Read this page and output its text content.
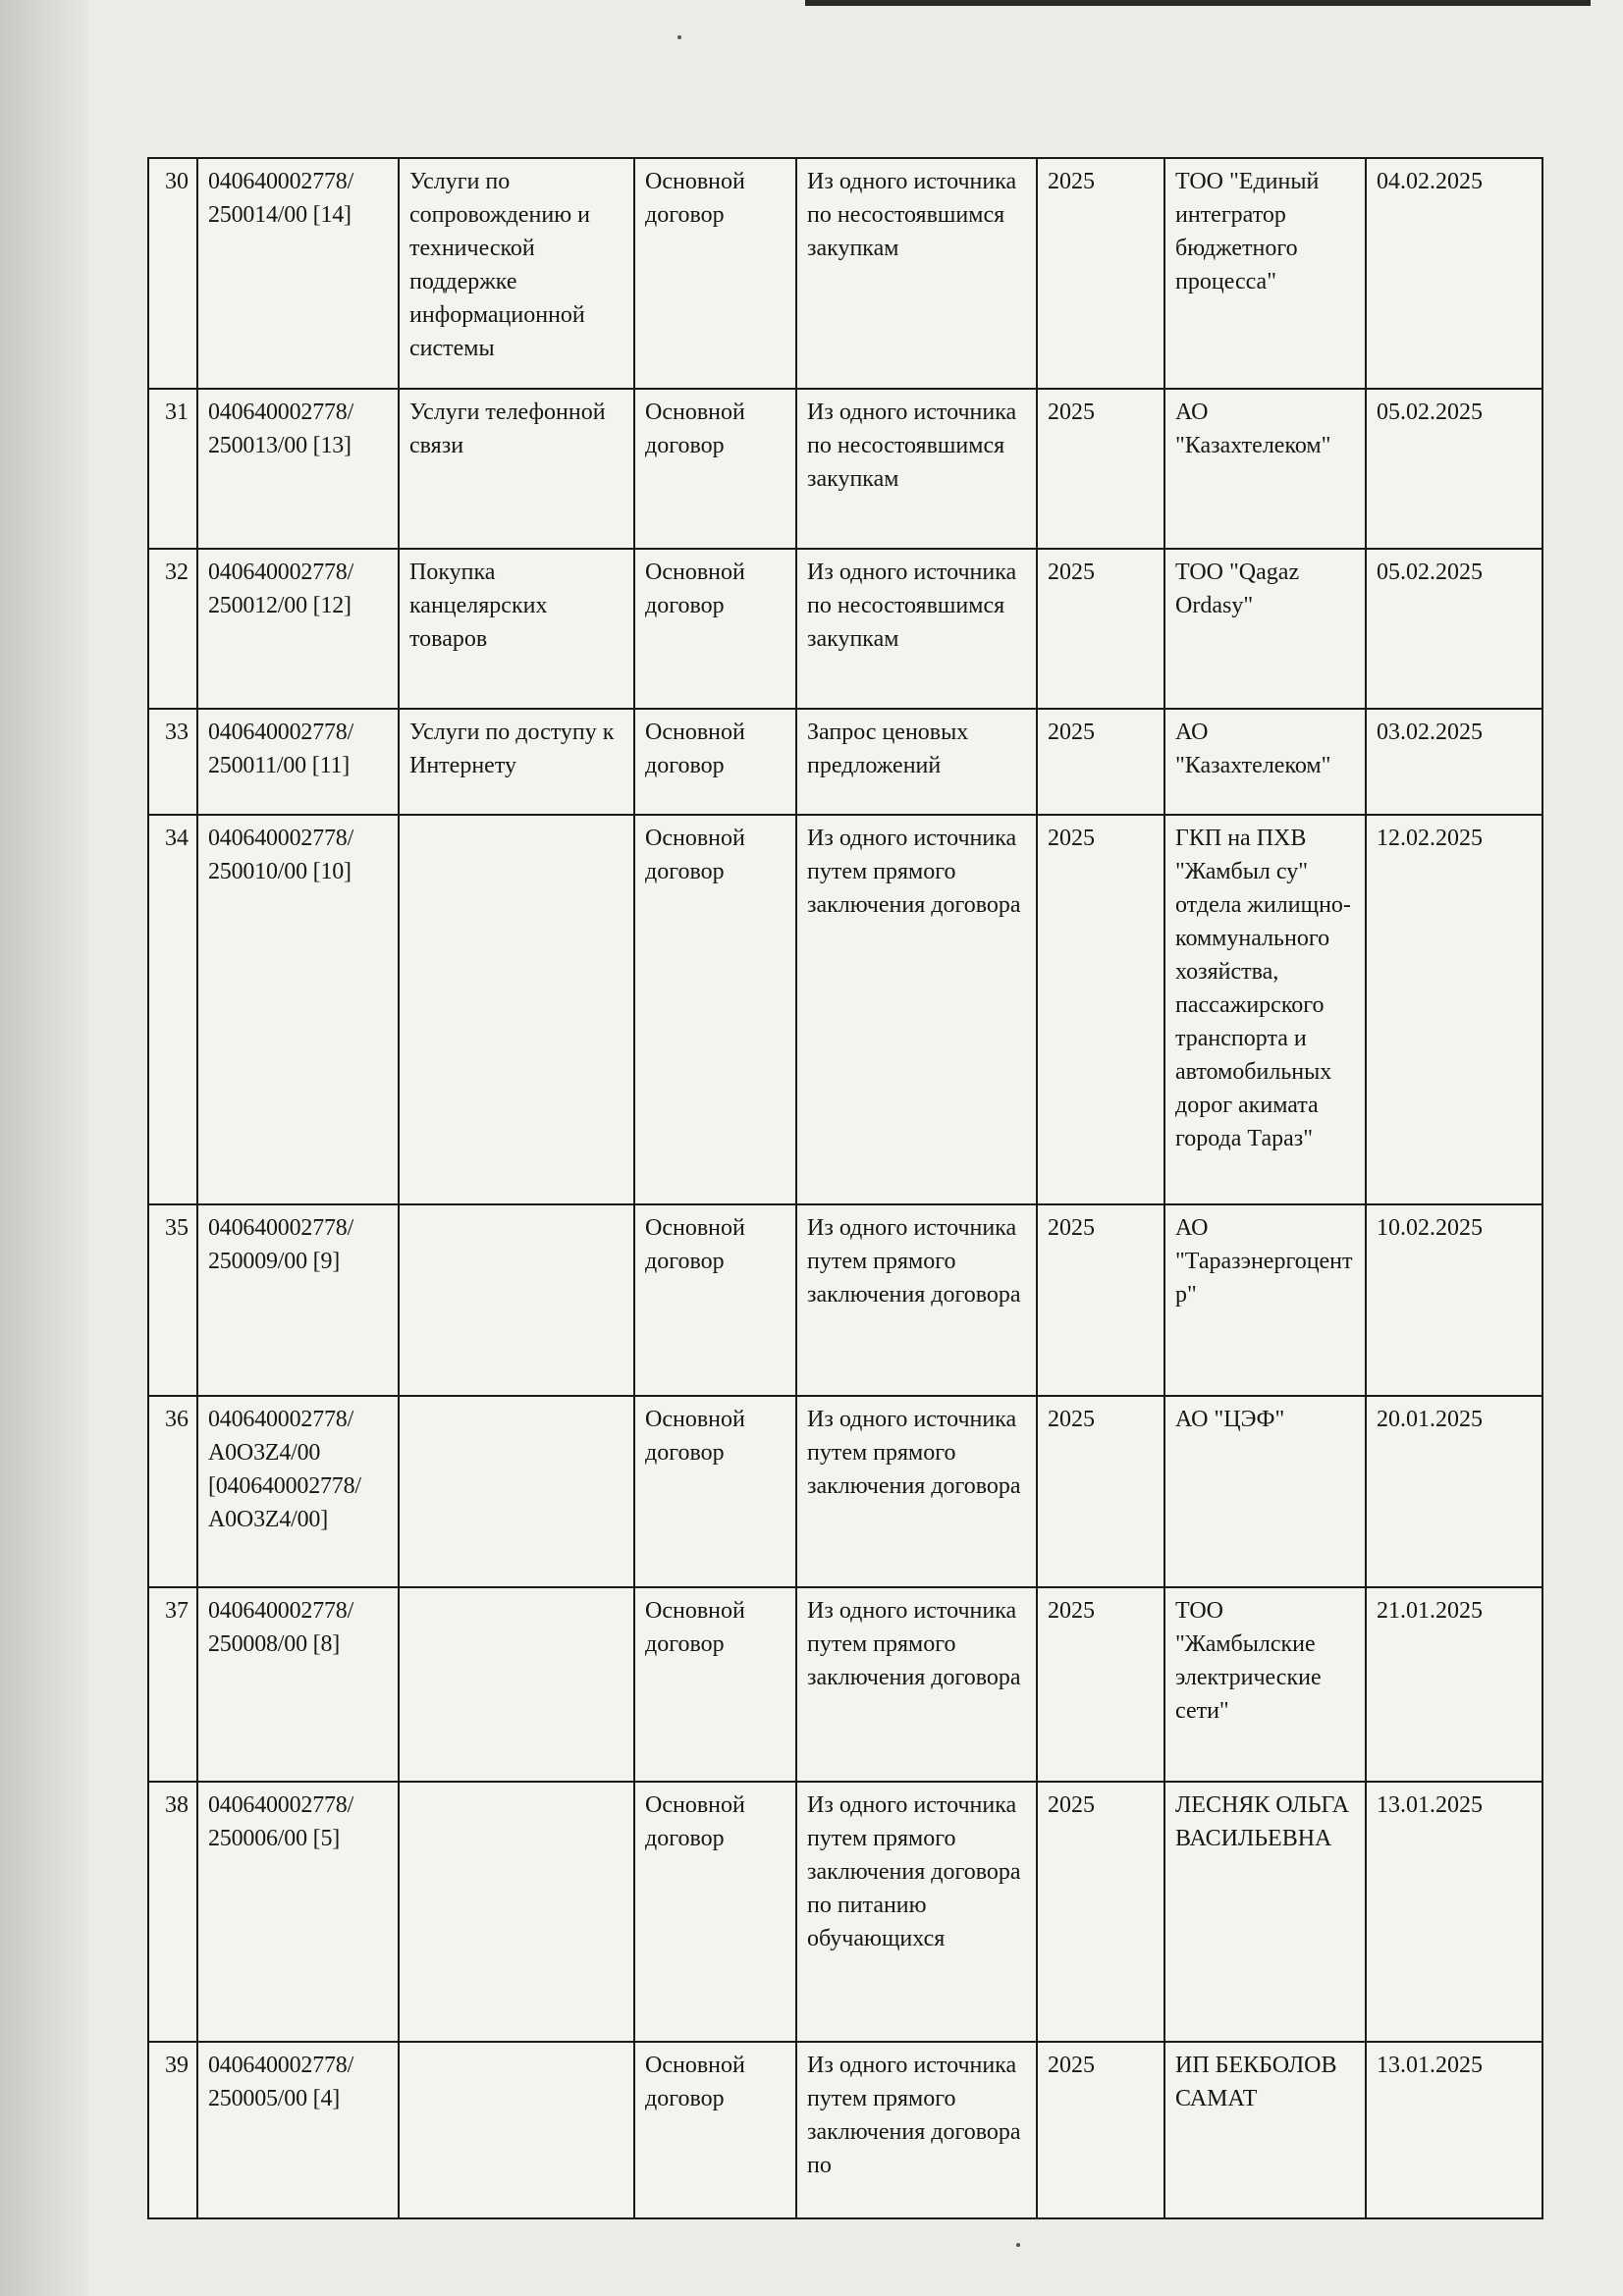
30	040640002778/ 250014/00 [14]	Услуги по сопровождению и технической поддержке информационной системы	Основной договор	Из одного источника по несостоявшимся закупкам	2025	ТОО "Единый интегратор бюджетного процесса"	04.02.2025
31	040640002778/ 250013/00 [13]	Услуги телефонной связи	Основной договор	Из одного источника по несостоявшимся закупкам	2025	АО "Казахтелеком"	05.02.2025
32	040640002778/ 250012/00 [12]	Покупка канцелярских товаров	Основной договор	Из одного источника по несостоявшимся закупкам	2025	ТОО "Qagaz Ordasy"	05.02.2025
33	040640002778/ 250011/00 [11]	Услуги по доступу к Интернету	Основной договор	Запрос ценовых предложений	2025	АО "Казахтелеком"	03.02.2025
34	040640002778/ 250010/00 [10]		Основной договор	Из одного источника путем прямого заключения договора	2025	ГКП на ПХВ "Жамбыл су" отдела жилищно-коммунального хозяйства, пассажирского транспорта и автомобильных дорог акимата города Тараз"	12.02.2025
35	040640002778/ 250009/00 [9]		Основной договор	Из одного источника путем прямого заключения договора	2025	АО "Таразэнергоцентр"	10.02.2025
36	040640002778/ A0O3Z4/00 [040640002778/ A0O3Z4/00]		Основной договор	Из одного источника путем прямого заключения договора	2025	АО "ЦЭФ"	20.01.2025
37	040640002778/ 250008/00 [8]		Основной договор	Из одного источника путем прямого заключения договора	2025	ТОО "Жамбылские электрические сети"	21.01.2025
38	040640002778/ 250006/00 [5]		Основной договор	Из одного источника путем прямого заключения договора по питанию обучающихся	2025	ЛЕСНЯК ОЛЬГА ВАСИЛЬЕВНА	13.01.2025
39	040640002778/ 250005/00 [4]		Основной договор	Из одного источника путем прямого заключения договора по	2025	ИП БЕКБОЛОВ САМАТ	13.01.2025
